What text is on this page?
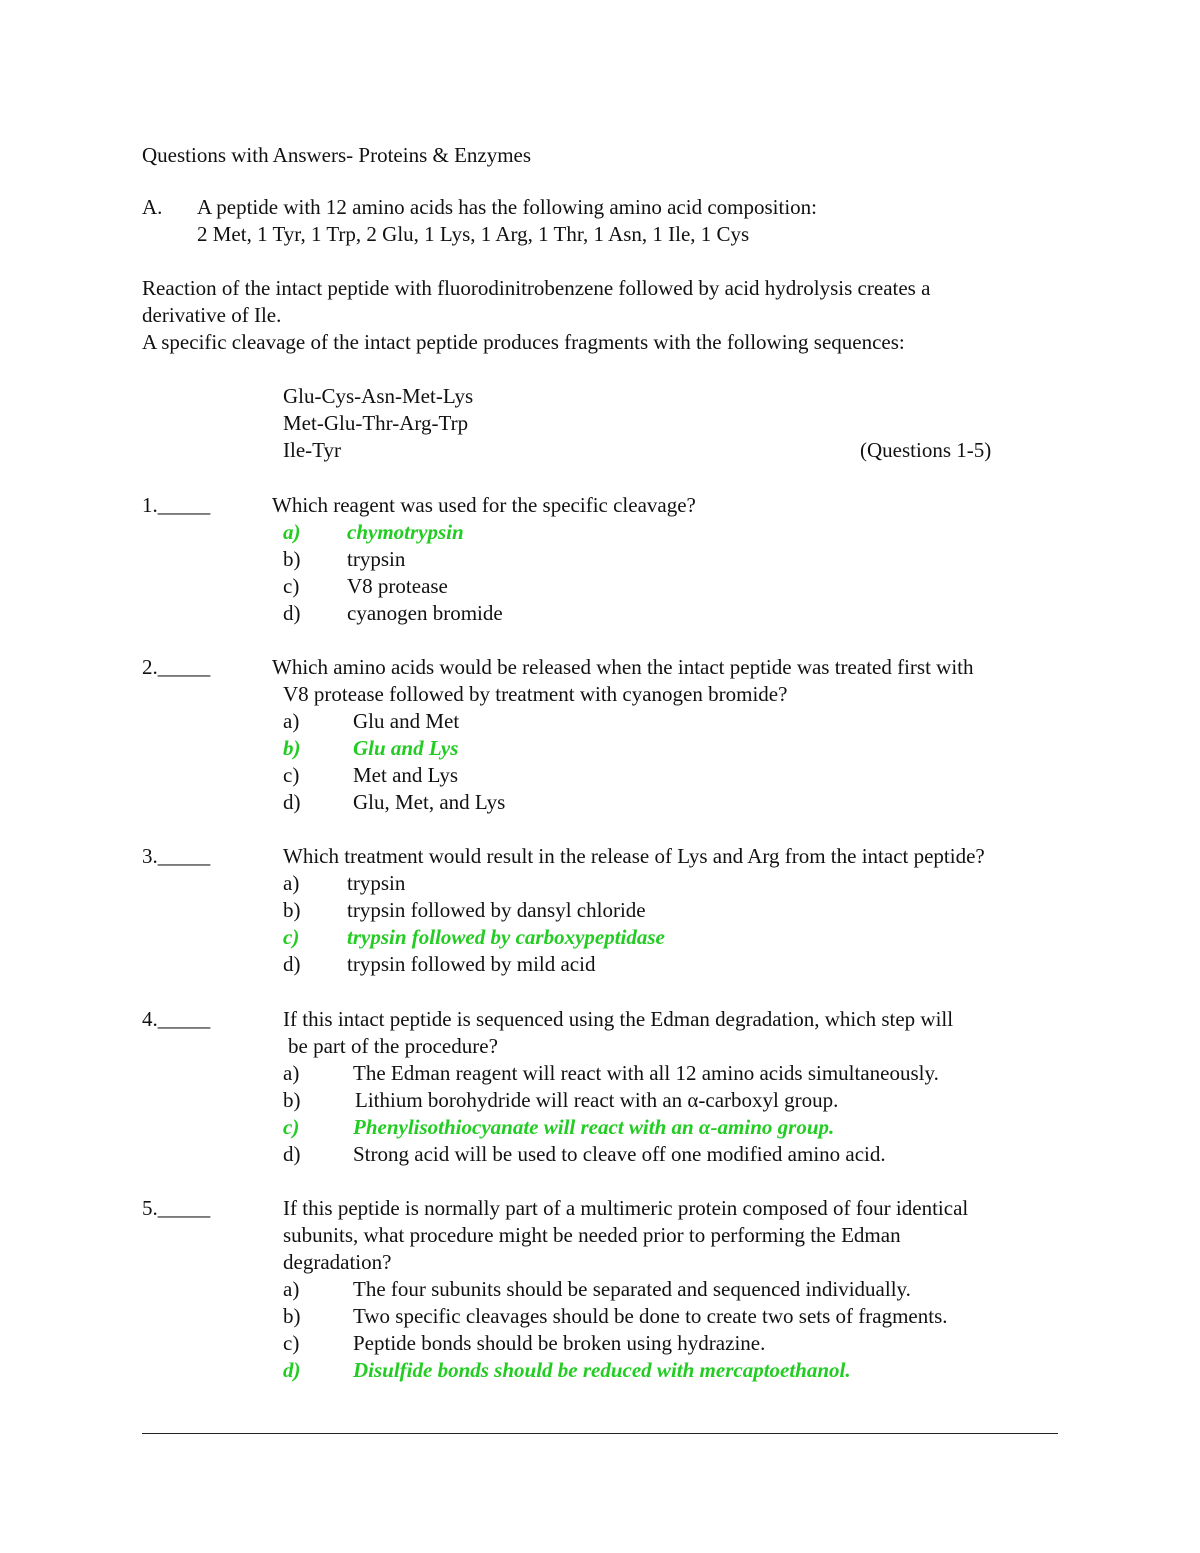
Questions with Answers- Proteins & Enzymes
A. A peptide with 12 amino acids has the following amino acid composition:
2 Met, 1 Tyr, 1 Trp, 2 Glu, 1 Lys, 1 Arg, 1 Thr, 1 Asn, 1 Ile, 1 Cys
Reaction of the intact peptide with fluorodinitrobenzene followed by acid hydrolysis creates a
derivative of Ile.
A specific cleavage of the intact peptide produces fragments with the following sequences:
Glu-Cys-Asn-Met-Lys
Met-Glu-Thr-Arg-Trp
Ile-Tyr	(Questions 1-5)
1._____	Which reagent was used for the specific cleavage?
a) chymotrypsin
b) trypsin
c) V8 protease
d) cyanogen bromide
2._____	Which amino acids would be released when the intact peptide was treated first with
V8 protease followed by treatment with cyanogen bromide?
a)	Glu and Met
b)	Glu and Lys
c)	Met and Lys
d)	Glu, Met, and Lys
3._____	Which treatment would result in the release of Lys and Arg from the intact peptide?
a) trypsin
b) trypsin followed by dansyl chloride
c) trypsin followed by carboxypeptidase
d) trypsin followed by mild acid
4._____	If this intact peptide is sequenced using the Edman degradation, which step will
be part of the procedure?
a)	The Edman reagent will react with all 12 amino acids simultaneously.
b)	Lithium borohydride will react with an α-carboxyl group.
c)	Phenylisothiocyanate will react with an α-amino group.
d)	Strong acid will be used to cleave off one modified amino acid.
5._____	If this peptide is normally part of a multimeric protein composed of four identical
subunits, what procedure might be needed prior to performing the Edman
degradation?
a)	The four subunits should be separated and sequenced individually.
b)	Two specific cleavages should be done to create two sets of fragments.
c)	Peptide bonds should be broken using hydrazine.
d)	Disulfide bonds should be reduced with mercaptoethanol.
